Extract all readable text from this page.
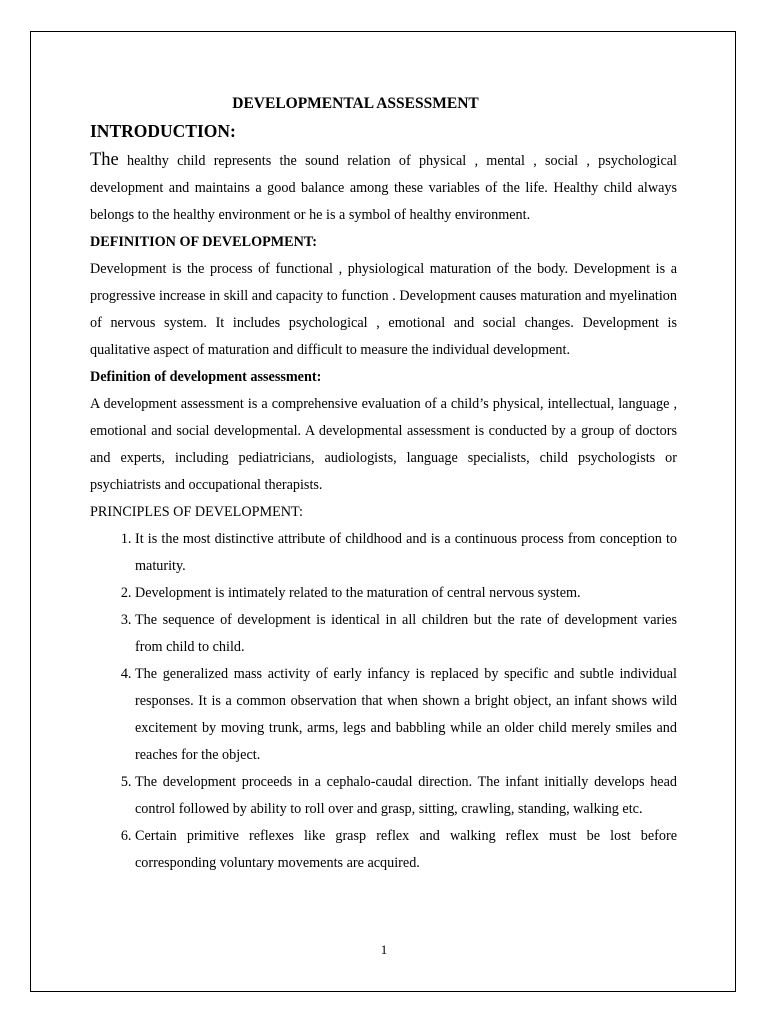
DEVELOPMENTAL ASSESSMENT
INTRODUCTION:

The healthy child represents the sound relation of physical , mental , social , psychological development and maintains a good balance among these variables of the life. Healthy child always belongs to the healthy environment or he is a symbol of healthy environment.

DEFINITION OF DEVELOPMENT:

Development is the process of functional , physiological maturation of the body. Development is a progressive increase in skill and capacity to function . Development causes maturation and myelination of nervous system. It includes psychological , emotional and social changes. Development is qualitative aspect of maturation and difficult to measure the individual development.

Definition of development assessment:

A development assessment is a comprehensive evaluation of a child’s physical, intellectual, language , emotional and social developmental. A developmental assessment is conducted by a group of doctors and experts, including pediatricians, audiologists, language specialists, child psychologists or psychiatrists and occupational therapists.

PRINCIPLES OF DEVELOPMENT:
1. It is the most distinctive attribute of childhood and is a continuous process from conception to maturity.
2. Development is intimately related to the maturation of central nervous system.
3. The sequence of development is identical in all children but the rate of development varies from child to child.
4. The generalized mass activity of early infancy is replaced by specific and subtle individual responses. It is a common observation that when shown a bright object, an infant shows wild excitement by moving trunk, arms, legs and babbling while an older child merely smiles and reaches for the object.
5. The development proceeds in a cephalo-caudal direction. The infant initially develops head control followed by ability to roll over and grasp, sitting, crawling, standing, walking etc.
6. Certain primitive reflexes like grasp reflex and walking reflex must be lost before corresponding voluntary movements are acquired.
1
